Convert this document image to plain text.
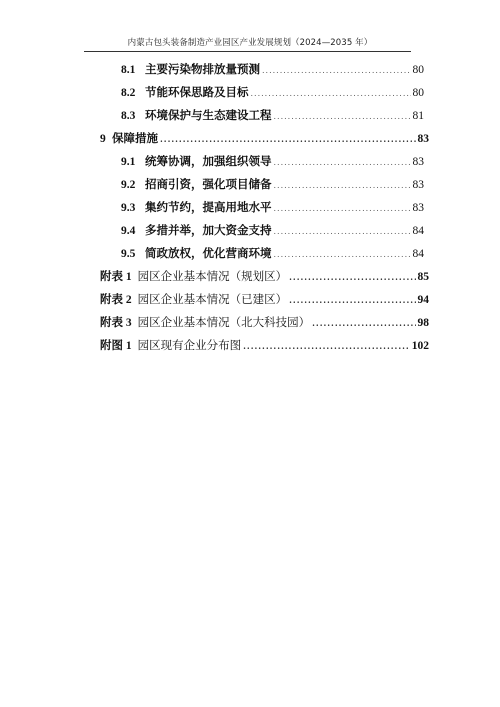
内蒙古包头装备制造产业园区产业发展规划（2024—2035 年）
8.1 主要污染物排放量预测 .....	80
8.2 节能环保思路及目标 .....	80
8.3 环境保护与生态建设工程 .....	81
9 保障措施 .....	83
9.1 统筹协调，加强组织领导 .....	83
9.2 招商引资，强化项目储备 .....	83
9.3 集约节约，提高用地水平 .....	83
9.4 多措并举，加大资金支持 .....	84
9.5 简政放权，优化营商环境 .....	84
附表 1 园区企业基本情况（规划区） .....	85
附表 2 园区企业基本情况（已建区） .....	94
附表 3 园区企业基本情况（北大科技园） .....	98
附图 1 园区现有企业分布图 .....	102
